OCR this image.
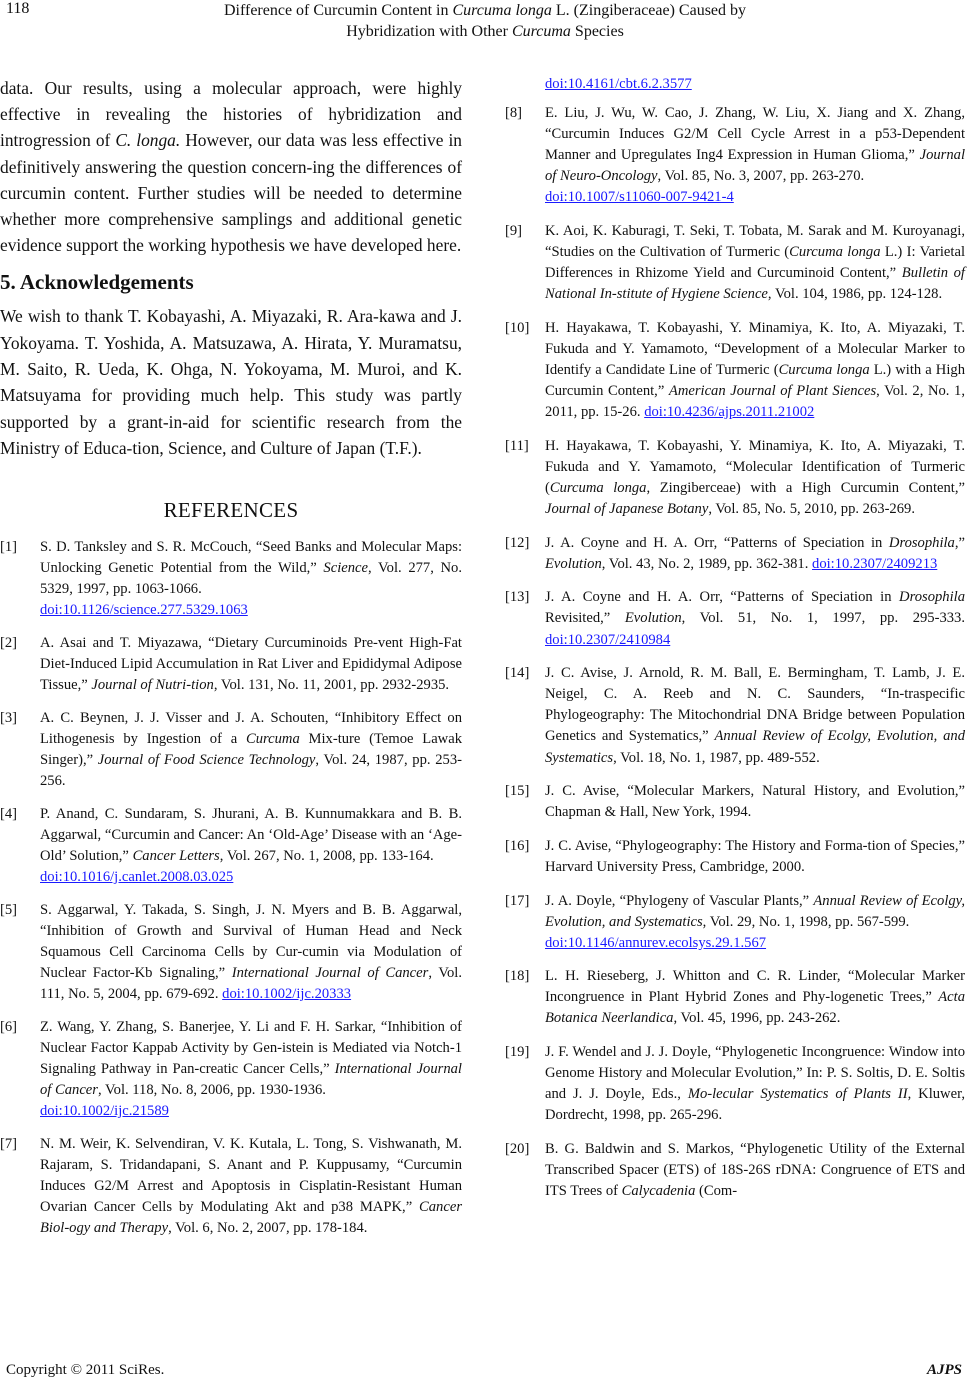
118	Difference of Curcumin Content in Curcuma longa L. (Zingiberaceae) Caused by
Hybridization with Other Curcuma Species

data. Our results, using a molecular approach, were highly effective in revealing the histories of hybridization and introgression of C. longa. However, our data was less effective in definitively answering the question concern-ing the differences of curcumin content. Further studies will be needed to determine whether more comprehensive samplings and additional genetic evidence support the working hypothesis we have developed here.

5. Acknowledgements

We wish to thank T. Kobayashi, A. Miyazaki, R. Ara-kawa and J. Yokoyama. T. Yoshida, A. Matsuzawa, A. Hirata, Y. Muramatsu, M. Saito, R. Ueda, K. Ohga, N. Yokoyama, M. Muroi, and K. Matsuyama for providing much help. This study was partly supported by a grant-in-aid for scientific research from the Ministry of Educa-tion, Science, and Culture of Japan (T.F.).

REFERENCES
[1]	S. D. Tanksley and S. R. McCouch, “Seed Banks and Molecular Maps: Unlocking Genetic Potential from the Wild,” Science, Vol. 277, No. 5329, 1997, pp. 1063-1066.
doi:10.1126/science.277.5329.1063
[2]	A. Asai and T. Miyazawa, “Dietary Curcuminoids Pre-vent High-Fat Diet-Induced Lipid Accumulation in Rat Liver and Epididymal Adipose Tissue,” Journal of Nutri-tion, Vol. 131, No. 11, 2001, pp. 2932-2935.
[3]	A. C. Beynen, J. J. Visser and J. A. Schouten, “Inhibitory Effect on Lithogenesis by Ingestion of a Curcuma Mix-ture (Temoe Lawak Singer),” Journal of Food Science Technology, Vol. 24, 1987, pp. 253-256.
[4]	P. Anand, C. Sundaram, S. Jhurani, A. B. Kunnumakkara and B. B. Aggarwal, “Curcumin and Cancer: An ‘Old-Age’ Disease with an ‘Age-Old’ Solution,” Cancer Letters, Vol. 267, No. 1, 2008, pp. 133-164.
doi:10.1016/j.canlet.2008.03.025
[5]	S. Aggarwal, Y. Takada, S. Singh, J. N. Myers and B. B. Aggarwal, “Inhibition of Growth and Survival of Human Head and Neck Squamous Cell Carcinoma Cells by Cur-cumin via Modulation of Nuclear Factor-Kb Signaling,” International Journal of Cancer, Vol. 111, No. 5, 2004, pp. 679-692. doi:10.1002/ijc.20333
[6]	Z. Wang, Y. Zhang, S. Banerjee, Y. Li and F. H. Sarkar, “Inhibition of Nuclear Factor Kappab Activity by Gen-istein is Mediated via Notch-1 Signaling Pathway in Pan-creatic Cancer Cells,” International Journal of Cancer, Vol. 118, No. 8, 2006, pp. 1930-1936.
doi:10.1002/ijc.21589
[7]	N. M. Weir, K. Selvendiran, V. K. Kutala, L. Tong, S. Vishwanath, M. Rajaram, S. Tridandapani, S. Anant and P. Kuppusamy, “Curcumin Induces G2/M Arrest and Apoptosis in Cisplatin-Resistant Human Ovarian Cancer Cells by Modulating Akt and p38 MAPK,” Cancer Biol-ogy and Therapy, Vol. 6, No. 2, 2007, pp. 178-184.
doi:10.4161/cbt.6.2.3577
[8]	E. Liu, J. Wu, W. Cao, J. Zhang, W. Liu, X. Jiang and X. Zhang, “Curcumin Induces G2/M Cell Cycle Arrest in a p53-Dependent Manner and Upregulates Ing4 Expression in Human Glioma,” Journal of Neuro-Oncology, Vol. 85, No. 3, 2007, pp. 263-270.
doi:10.1007/s11060-007-9421-4
[9]	K. Aoi, K. Kaburagi, T. Seki, T. Tobata, M. Sarak and M. Kuroyanagi, “Studies on the Cultivation of Turmeric (Curcuma longa L.) I: Varietal Differences in Rhizome Yield and Curcuminoid Content,” Bulletin of National In-stitute of Hygiene Science, Vol. 104, 1986, pp. 124-128.
[10]	H. Hayakawa, T. Kobayashi, Y. Minamiya, K. Ito, A. Miyazaki, T. Fukuda and Y. Yamamoto, “Development of a Molecular Marker to Identify a Candidate Line of Turmeric (Curcuma longa L.) with a High Curcumin Content,” American Journal of Plant Siences, Vol. 2, No. 1, 2011, pp. 15-26. doi:10.4236/ajps.2011.21002
[11]	H. Hayakawa, T. Kobayashi, Y. Minamiya, K. Ito, A. Miyazaki, T. Fukuda and Y. Yamamoto, “Molecular Identification of Turmeric (Curcuma longa, Zingiberceae) with a High Curcumin Content,” Journal of Japanese Botany, Vol. 85, No. 5, 2010, pp. 263-269.
[12]	J. A. Coyne and H. A. Orr, “Patterns of Speciation in Drosophila,” Evolution, Vol. 43, No. 2, 1989, pp. 362-381. doi:10.2307/2409213
[13]	J. A. Coyne and H. A. Orr, “Patterns of Speciation in Drosophila Revisited,” Evolution, Vol. 51, No. 1, 1997, pp. 295-333. doi:10.2307/2410984
[14]	J. C. Avise, J. Arnold, R. M. Ball, E. Bermingham, T. Lamb, J. E. Neigel, C. A. Reeb and N. C. Saunders, “In-traspecific Phylogeography: The Mitochondrial DNA Bridge between Population Genetics and Systematics,” Annual Review of Ecolgy, Evolution, and Systematics, Vol. 18, No. 1, 1987, pp. 489-552.
[15]	J. C. Avise, “Molecular Markers, Natural History, and Evolution,” Chapman & Hall, New York, 1994.
[16]	J. C. Avise, “Phylogeography: The History and Forma-tion of Species,” Harvard University Press, Cambridge, 2000.
[17]	J. A. Doyle, “Phylogeny of Vascular Plants,” Annual Review of Ecolgy, Evolution, and Systematics, Vol. 29, No. 1, 1998, pp. 567-599.
doi:10.1146/annurev.ecolsys.29.1.567
[18]	L. H. Rieseberg, J. Whitton and C. R. Linder, “Molecular Marker Incongruence in Plant Hybrid Zones and Phy-logenetic Trees,” Acta Botanica Neerlandica, Vol. 45, 1996, pp. 243-262.
[19]	J. F. Wendel and J. J. Doyle, “Phylogenetic Incongruence: Window into Genome History and Molecular Evolution,” In: P. S. Soltis, D. E. Soltis and J. J. Doyle, Eds., Mo-lecular Systematics of Plants II, Kluwer, Dordrecht, 1998, pp. 265-296.
[20]	B. G. Baldwin and S. Markos, “Phylogenetic Utility of the External Transcribed Spacer (ETS) of 18S-26S rDNA: Congruence of ETS and ITS Trees of Calycadenia (Com-
Copyright © 2011 SciRes.	AJPS
